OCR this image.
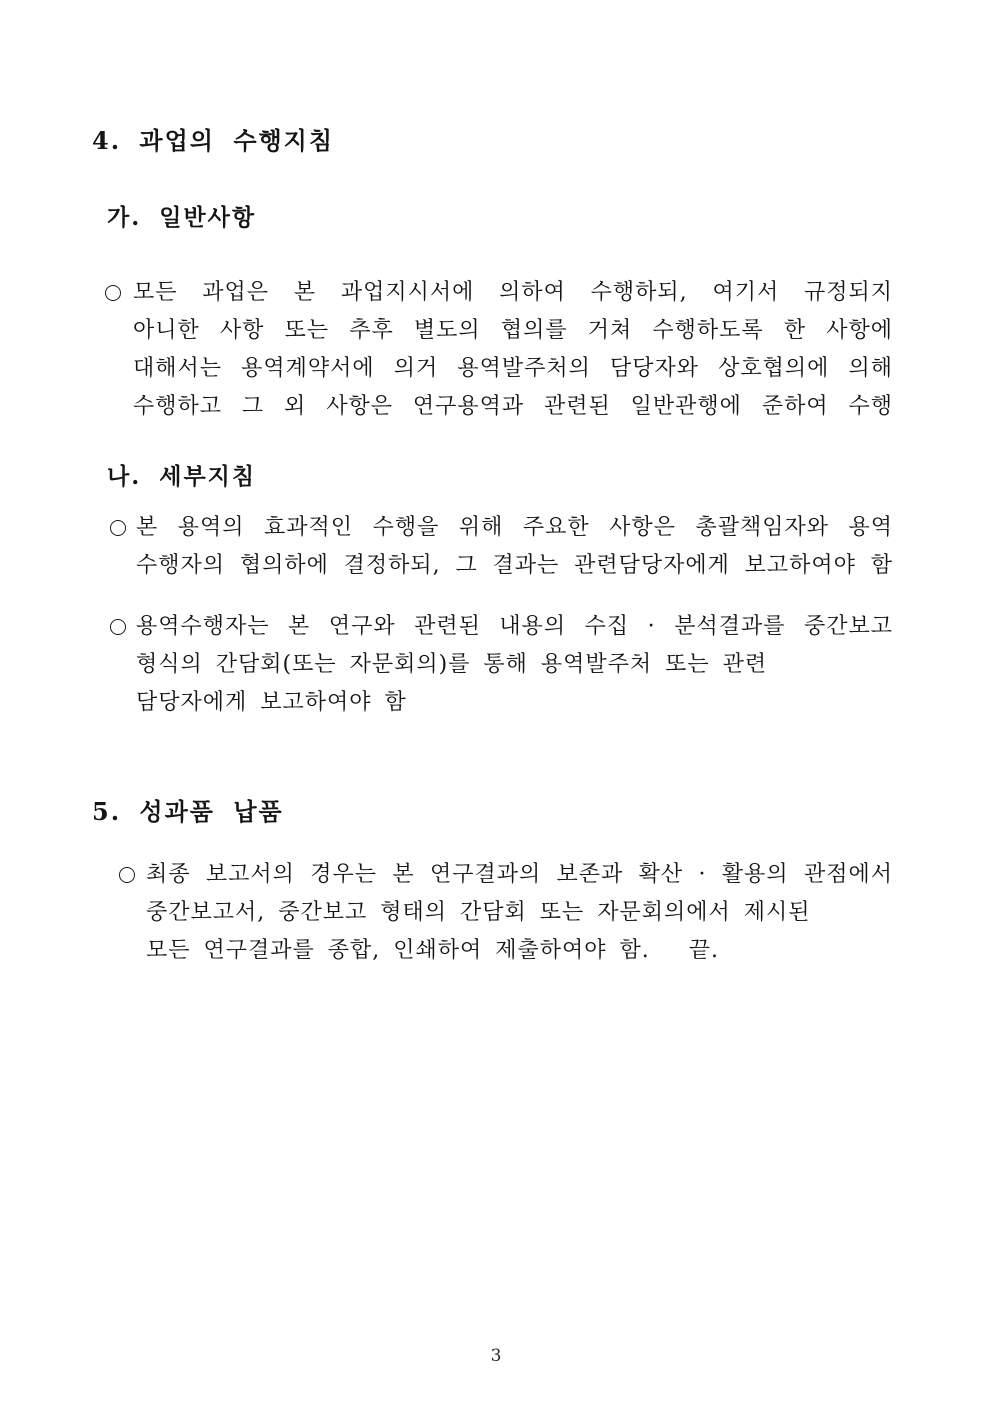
4. 과업의 수행지침
가. 일반사항
모든 과업은 본 과업지시서에 의하여 수행하되, 여기서 규정되지
아니한 사항 또는 추후 별도의 협의를 거쳐 수행하도록 한 사항에
대해서는 용역계약서에 의거 용역발주처의 담당자와 상호협의에 의해
수행하고 그 외 사항은 연구용역과 관련된 일반관행에 준하여 수행
나. 세부지침
본 용역의 효과적인 수행을 위해 주요한 사항은 총괄책임자와 용역
수행자의 협의하에 결정하되, 그 결과는 관련담당자에게 보고하여야 함
용역수행자는 본 연구와 관련된 내용의 수집 · 분석결과를 중간보고
형식의 간담회(또는 자문회의)를 통해 용역발주처 또는 관련
담당자에게 보고하여야 함
5. 성과품 납품
최종 보고서의 경우는 본 연구결과의 보존과 확산 · 활용의 관점에서
중간보고서, 중간보고 형태의 간담회 또는 자문회의에서 제시된
모든 연구결과를 종합, 인쇄하여 제출하여야 함.   끝.
3
